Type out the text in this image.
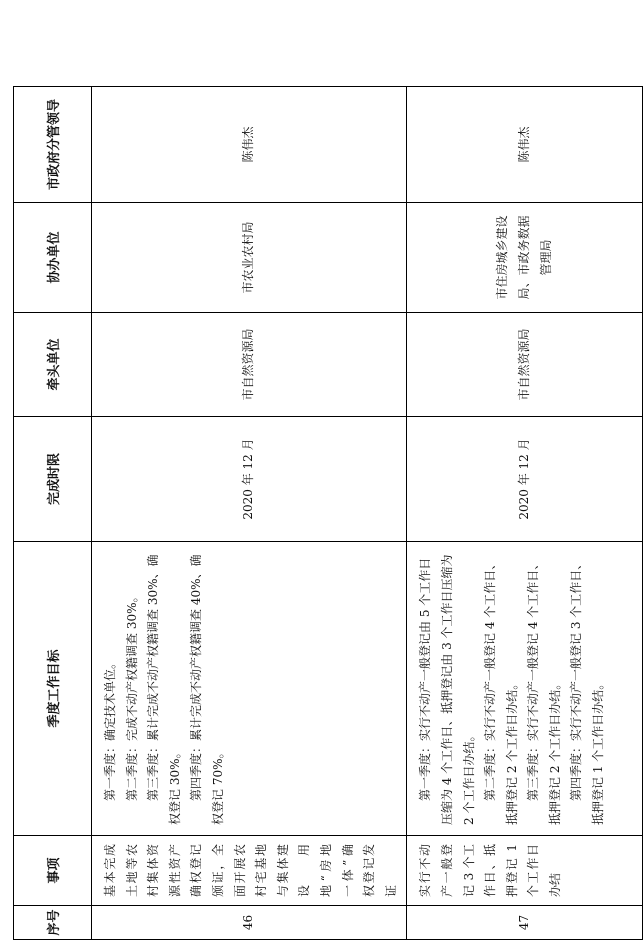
序号	事项	季度工作目标	完成时限	牵头单位	协办单位	市政府分管领导
46	基本完成土地等农村集体资源性资产确权登记颁证，全面开展农村宅基地与集体建设用地“房地一体”确权登记发证	第一季度：确定技术单位。 第二季度：完成不动产权籍调查 30%。 第三季度：累计完成不动产权籍调查 30%、确权登记 30%。 第四季度：累计完成不动产权籍调查 40%、确权登记 70%。	2020 年 12 月	市自然资源局	市农业农村局	陈伟杰
47	实行不动产一般登记 3 个工作日、抵押登记 1 个工作日办结	第一季度：实行不动产一般登记由 5 个工作日压缩为 4 个工作日、抵押登记由 3 个工作日压缩为 2 个工作日办结。 第二季度：实行不动产一般登记 4 个工作日、抵押登记 2 个工作日办结。 第三季度：实行不动产一般登记 4 个工作日、抵押登记 2 个工作日办结。 第四季度：实行不动产一般登记 3 个工作日、抵押登记 1 个工作日办结。	2020 年 12 月	市自然资源局	市住房城乡建设局、市政务数据管理局	陈伟杰
